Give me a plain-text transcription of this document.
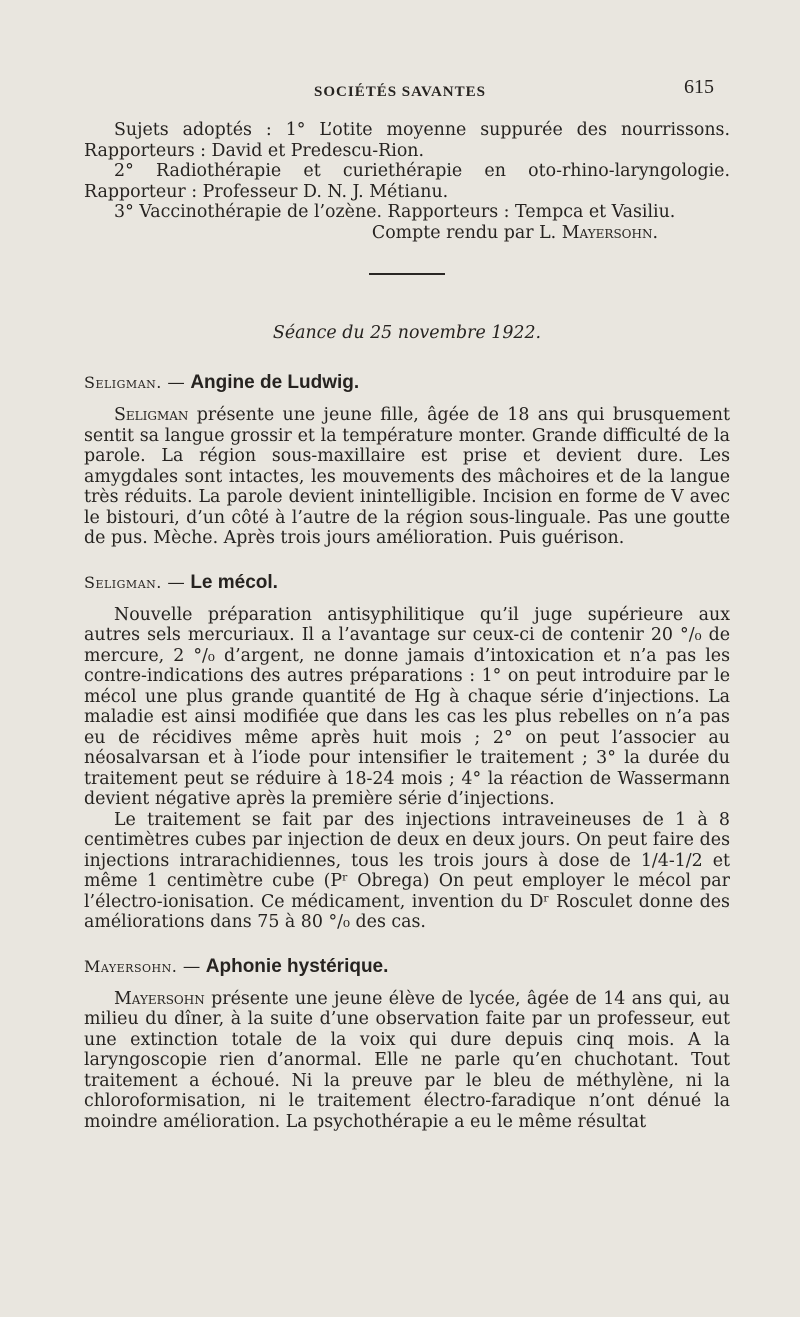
SOCIÉTÉS SAVANTES	615

Sujets adoptés : 1° L’otite moyenne suppurée des nourrissons. Rapporteurs : David et Predescu-Rion.

2° Radiothérapie et curiethérapie en oto-rhino-laryngologie. Rapporteur : Professeur D. N. J. Métianu.

3° Vaccinothérapie de l’ozène. Rapporteurs : Tempca et Vasiliu.

Compte rendu par L. Mayersohn.

Séance du 25 novembre 1922.

Seligman. — Angine de Ludwig.

Seligman présente une jeune fille, âgée de 18 ans qui brusquement sentit sa langue grossir et la température monter. Grande difficulté de la parole. La région sous-maxillaire est prise et devient dure. Les amygdales sont intactes, les mouvements des mâchoires et de la langue très réduits. La parole devient inintelligible. Incision en forme de V avec le bistouri, d’un côté à l’autre de la région sous-linguale. Pas une goutte de pus. Mèche. Après trois jours amélioration. Puis guérison.

Seligman. — Le mécol.

Nouvelle préparation antisyphilitique qu’il juge supérieure aux autres sels mercuriaux. Il a l’avantage sur ceux-ci de contenir 20 °/₀ de mercure, 2 °/₀ d’argent, ne donne jamais d’intoxication et n’a pas les contre-indications des autres préparations : 1° on peut introduire par le mécol une plus grande quantité de Hg à chaque série d’injections. La maladie est ainsi modifiée que dans les cas les plus rebelles on n’a pas eu de récidives même après huit mois ; 2° on peut l’associer au néosalvarsan et à l’iode pour intensifier le traitement ; 3° la durée du traitement peut se réduire à 18-24 mois ; 4° la réaction de Wassermann devient négative après la première série d’injections.

Le traitement se fait par des injections intraveineuses de 1 à 8 centimètres cubes par injection de deux en deux jours. On peut faire des injections intrarachidiennes, tous les trois jours à dose de 1/4-1/2 et même 1 centimètre cube (Pʳ Obrega) On peut employer le mécol par l’électro-ionisation. Ce médicament, invention du Dʳ Rosculet donne des améliorations dans 75 à 80 °/₀ des cas.

Mayersohn. — Aphonie hystérique.

Mayersohn présente une jeune élève de lycée, âgée de 14 ans qui, au milieu du dîner, à la suite d’une observation faite par un professeur, eut une extinction totale de la voix qui dure depuis cinq mois. A la laryngoscopie rien d’anormal. Elle ne parle qu’en chuchotant. Tout traitement a échoué. Ni la preuve par le bleu de méthylène, ni la chloroformisation, ni le traitement électro-faradique n’ont dénué la moindre amélioration. La psychothérapie a eu le même résultat
